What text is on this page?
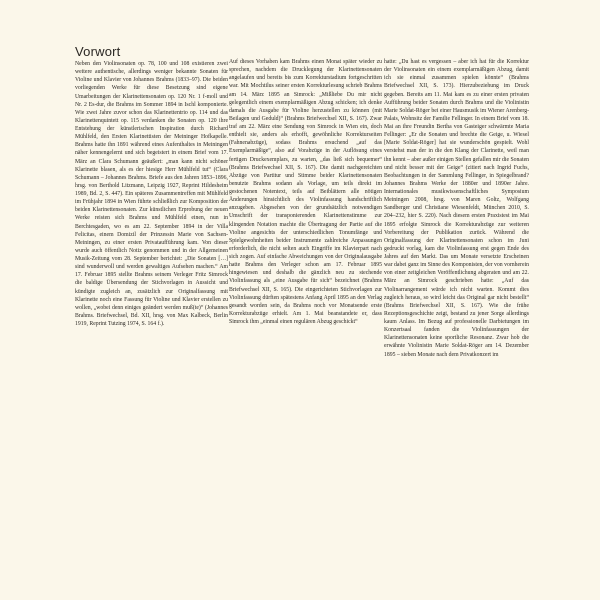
Vorwort

Neben den Violinsonaten op. 78, 100 und 108 existieren zwei weitere authentische, allerdings weniger bekannte Sonaten für Violine und Klavier von Johannes Brahms (1833–97). Die beiden vorliegenden Werke für diese Besetzung sind eigene Umarbeitungen der Klarinettensonaten op. 120 Nr. 1 f-moll und Nr. 2 Es-dur, die Brahms im Sommer 1894 in Ischl komponierte. Wie zwei Jahre zuvor schon das Klarinettentrio op. 114 und das Klarinettenquintett op. 115 verdanken die Sonaten op. 120 ihre Entstehung der künstlerischen Inspiration durch Richard Mühlfeld, den Ersten Klarinettisten der Meininger Hofkapelle. Brahms hatte ihn 1891 während eines Aufenthaltes in Meiningen näher kennengelernt und sich begeistert in einem Brief vom 17. März an Clara Schumann geäußert: „man kann nicht schöner Klarinette blasen, als es der hiesige Herr Mühlfeld tut“ (Clara Schumann – Johannes Brahms. Briefe aus den Jahren 1853–1896, hrsg. von Berthold Litzmann, Leipzig 1927, Reprint Hildesheim 1989, Bd. 2, S. 447). Ein späteres Zusammentreffen mit Mühlfeld im Frühjahr 1894 in Wien führte schließlich zur Komposition der beiden Klarinettensonaten. Zur künstlichen Erprobung der neuen Werke reisten sich Brahms und Mühlfeld einen, nun in Berchtesgaden, wo es am 22. September 1894 in der Villa Felicitas, einem Domizil der Prinzessin Marie von Sachsen-Meiningen, zu einer ersten Privataufführung kam. Von dieser wurde auch öffentlich Notiz genommen und in der Allgemeinen Musik-Zeitung vom 28. September berichtet: „Die Sonaten […] sind wunderwoll und werden gewaltiges Aufsehen machen.“ Am 17. Februar 1895 stellte Brahms seinem Verleger Fritz Simrock die baldige Übersendung der Stichvorlagen in Aussicht und kündigte zugleich an, zusätzlich zur Originalfassung mit Klarinette noch eine Fassung für Violine und Klavier erstellen zu wollen, „wobei denn einiges geändert werden muß(te)“ (Johannes Brahms. Briefwechsel, Bd. XII, hrsg. von Max Kalbeck, Berlin 1919, Reprint Tutzing 1974, S. 164 f.).

Auf dieses Vorhaben kam Brahms einen Monat später wieder zu sprechen, nachdem die Drucklegung der Klarinettensonaten angelaufen und bereits bis zum Korrekturstadium fortgeschritten war. Mit Mochtilus seiner ersten Korrekturlesung schrieb Brahms am 14. März 1895 an Simrock: „Mißliebe Du mir nicht gelegentlich einem exemplarmäßigen Abzug schicken; ich denke damals die Ausgabe für Violine herzustellen zu können (mit Beilagen und Geduld)“ (Brahms Briefwechsel XII, S. 167). Zwar traf am 22. März eine Sendung von Simrock in Wien ein, doch enthielt sie, anders als erhofft, gewöhnliche Korrekturseiten (Fahnenabzüge), sodass Brahms ersuchend „auf das Exemplarmäßige“, also auf Vorabzüge in der Auflösung eines fertigen Druckexemplars, zu warten, „das ließ sich bequemer“ (Brahms Briefwechsel XII, S. 167). Die damit nachgereichten Abzüge von Partitur und Stimme beider Klarinettensonaten benutzte Brahms sodann als Vorlage, um teils direkt im gestochenen Notentext, teils auf Beiblättern alle nötigen Änderungen hinsichtlich des Violinfassung handschriftlich anzugeben. Abgesehen von der grundsätzlich notwendigen Umschrift der transponierenden Klarinettenstimme zur klingenden Notation machte die Übertragung der Partie auf die Violine angesichts der unterschiedlichen Tonumfänge und Spielgewohnheiten beider Instrumente zahlreiche Anpassungen erforderlich, die nicht selten auch Eingriffe im Klavierpart nach sich zogen. Auf einfache Abweichungen von der Originalausgabe hatte Brahms den Verleger schon am 17. Februar 1895 hingewiesen und deshalb die gänzlich neu zu stechende Violinfassung als „eine Ausgabe für sich“ bezeichnet (Brahms Briefwechsel XII, S. 165). Die eingerichteten Stichvorlagen zur Violinfassung dürften spätestens Anfang April 1895 an den Verlag gesandt worden sein, da Brahms noch vor Monatsende erste Korrekturabzüge erhielt. Am 1. Mai beanstandete er, dass Simrock ihm „einmal einen regulären Abzug geschickt“

hatte: „Du hast es vergessen – aber ich hat für die Korrektur der Violinsonaten ein einem exemplarmäßigen Abzug, damit ich sie einmal zusammen spielen könnte“ (Brahms Briefwechsel XII, S. 173). Hierzubeziehung im Druck gegeben. Bereits am 11. Mai kam es zu einer ersten privaten Aufführung beider Sonaten durch Brahms und die Violinistin Marie Soldat-Röger bei einer Hausmusik im Wiener Arenberg-Palais, Wohnsitz der Familie Fellinger. In einem Brief vom 18. Mai an ihre Freundin Bertha von Gasteiger schwärmte Maria Fellinger: „Er die Sonaten und brechte die Geige, u. Wiesel [Marie Soldat-Röger] hat sie wunderschön gespielt. Wohl verstehst man der in die den Klang der Clarinette, weil man ihn kennt – aber außer einigen Stellen gefallen mir die Sonaten und nicht besser mit der Geige“ (zitiert nach Ingrid Fuchs, Beobachtungen in der Sammlung Fellinger, in Spiegelbrand? Johannes Brahms Werke der 1880er und 1890er Jahre. Internationales musikwissenschaftliches Symposium Meiningen 2008, hrsg. von Maren Goltz, Wolfgang Sandberger und Christiane Wiesenfeldt, München 2010, S. 204–232, hier S. 220). Nach diesem ersten Praxistest im Mai 1895 erfolgte Simrock die Korrekturabzüge zur weiteren Vorbereitung der Publikation zurück. Während die Originalfassung der Klarinettensonaten schon im Juni gedruckt vorlag, kam die Violinfassung erst gegen Ende des Jahres auf den Markt. Das um Monate versetzte Erscheinen war dabei ganz im Sinne des Komponisten, der von vornherein von einer zeitgleichen Veröffentlichung abgeraten und am 22. März an Simrock geschrieben hatte: „Auf das Violinarrangement würde ich nicht warten. Kommt dies zugleich heraus, so wird leicht das Original gar nicht bestellt“ (Brahms Briefwechsel XII, S. 167). Wie die frühe Rezeptionsgeschichte zeigt, bestand zu jener Sorge allerdings kaum Anlass. Im Bezug auf professionelle Darbietungen im Konzertsaal fanden die Violinfassungen der Klarinettensonaten keine sportliche Resonanz. Zwar hob die erwähnte Violinistin Marie Soldat-Röger am 14. Dezember 1895 – sieben Monate nach dem Privatkonzert im
